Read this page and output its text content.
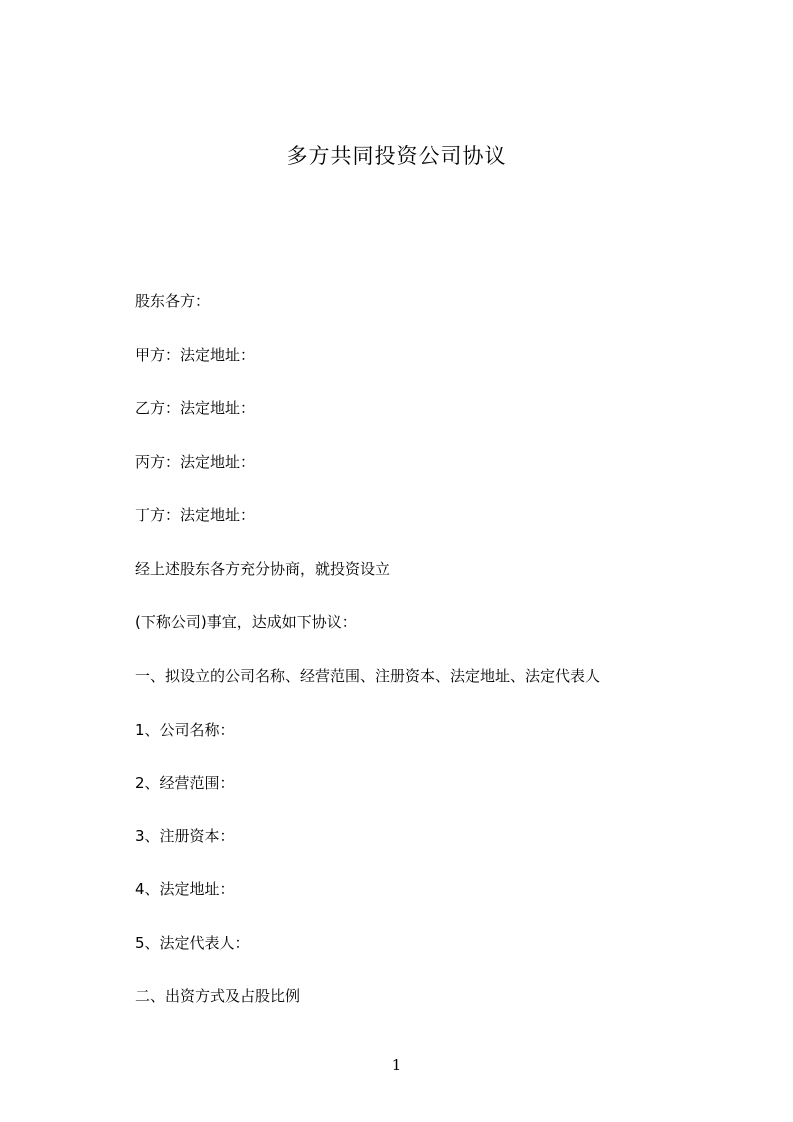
多方共同投资公司协议
股东各方：
甲方：法定地址：
乙方：法定地址：
丙方：法定地址：
丁方：法定地址：
经上述股东各方充分协商，就投资设立
(下称公司)事宜，达成如下协议：
一、拟设立的公司名称、经营范围、注册资本、法定地址、法定代表人
1、公司名称：
2、经营范围：
3、注册资本：
4、法定地址：
5、法定代表人：
二、出资方式及占股比例
1
